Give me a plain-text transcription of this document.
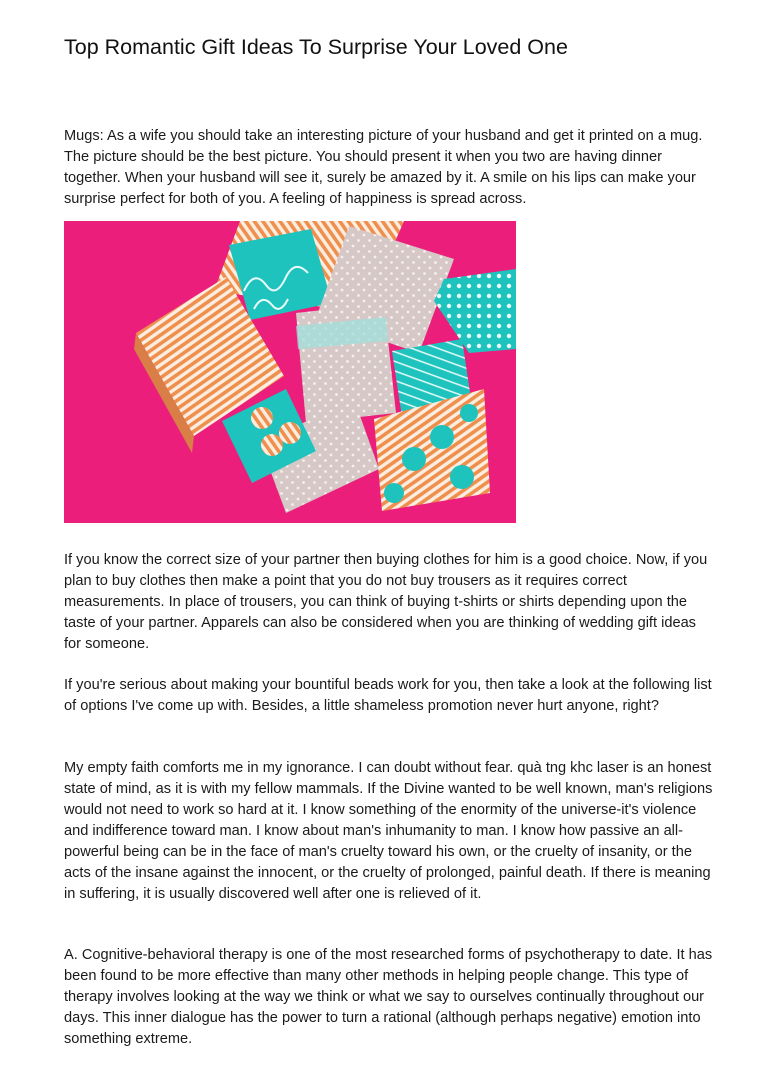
Top Romantic Gift Ideas To Surprise Your Loved One

Mugs: As a wife you should take an interesting picture of your husband and get it printed on a mug. The picture should be the best picture. You should present it when you two are having dinner together. When your husband will see it, surely be amazed by it. A smile on his lips can make your surprise perfect for both of you. A feeling of happiness is spread across.

If you know the correct size of your partner then buying clothes for him is a good choice. Now, if you plan to buy clothes then make a point that you do not buy trousers as it requires correct measurements. In place of trousers, you can think of buying t-shirts or shirts depending upon the taste of your partner. Apparels can also be considered when you are thinking of wedding gift ideas for someone.

If you're serious about making your bountiful beads work for you, then take a look at the following list of options I've come up with. Besides, a little shameless promotion never hurt anyone, right?

My empty faith comforts me in my ignorance. I can doubt without fear. quà tng khc laser is an honest state of mind, as it is with my fellow mammals. If the Divine wanted to be well known, man's religions would not need to work so hard at it. I know something of the enormity of the universe-it's violence and indifference toward man. I know about man's inhumanity to man. I know how passive an all-powerful being can be in the face of man's cruelty toward his own, or the cruelty of insanity, or the acts of the insane against the innocent, or the cruelty of prolonged, painful death. If there is meaning in suffering, it is usually discovered well after one is relieved of it.

A. Cognitive-behavioral therapy is one of the most researched forms of psychotherapy to date. It has been found to be more effective than many other methods in helping people change. This type of therapy involves looking at the way we think or what we say to ourselves continually throughout our days. This inner dialogue has the power to turn a rational (although perhaps negative) emotion into something extreme.
